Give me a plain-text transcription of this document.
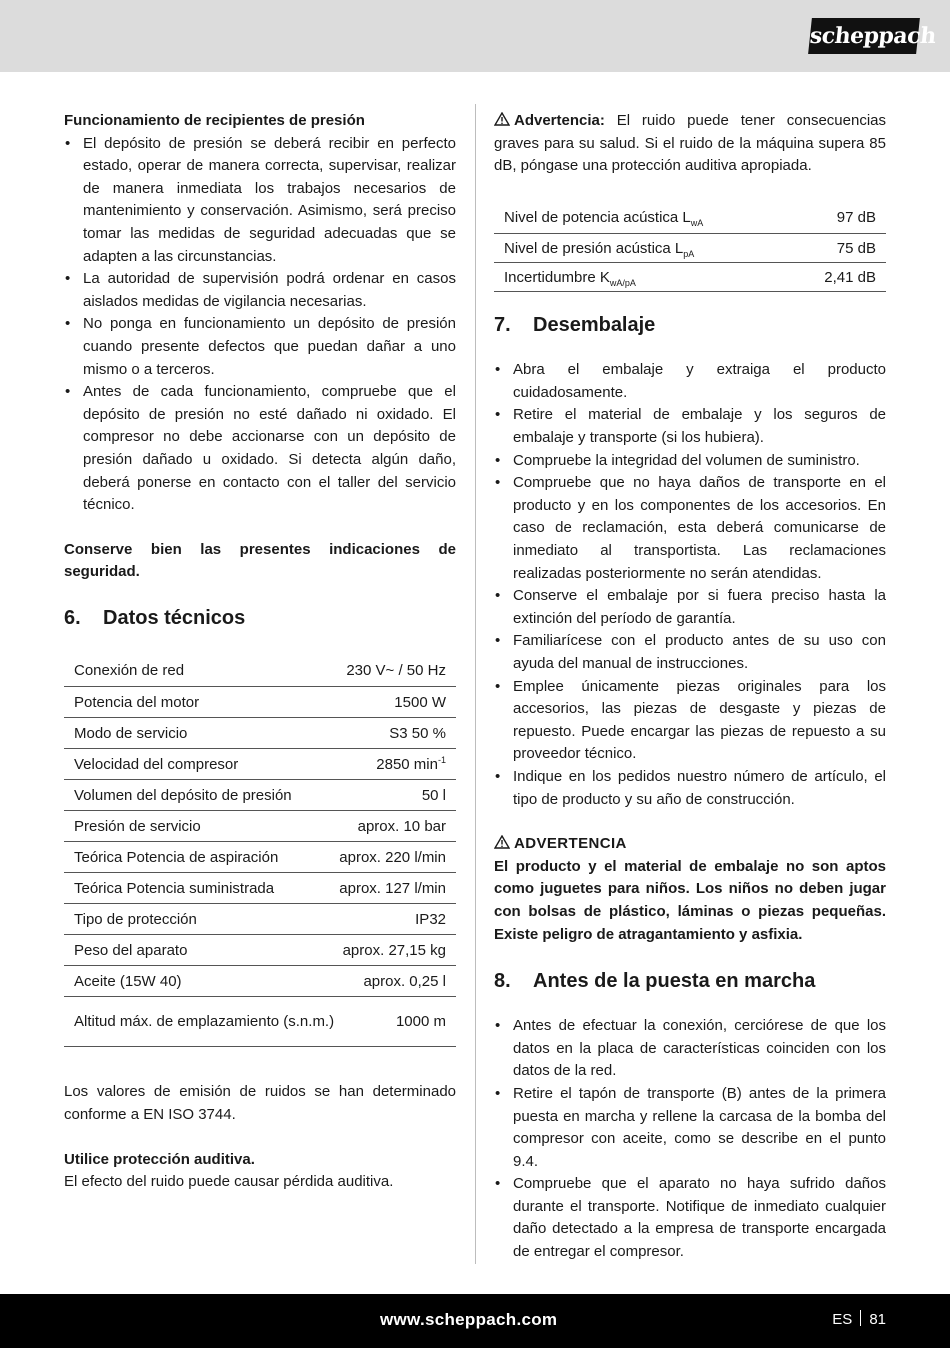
scheppach

Funcionamiento de recipientes de presión

• El depósito de presión se deberá recibir en perfecto estado, operar de manera correcta, supervisar, realizar de manera inmediata los trabajos necesarios de mantenimiento y conservación. Asimismo, será preciso tomar las medidas de seguridad adecuadas que se adapten a las circunstancias.
• La autoridad de supervisión podrá ordenar en casos aislados medidas de vigilancia necesarias.
• No ponga en funcionamiento un depósito de presión cuando presente defectos que puedan dañar a uno mismo o a terceros.
• Antes de cada funcionamiento, compruebe que el depósito de presión no esté dañado ni oxidado. El compresor no debe accionarse con un depósito de presión dañado u oxidado. Si detecta algún daño, deberá ponerse en contacto con el taller del servicio técnico.

Conserve bien las presentes indicaciones de seguridad.

6. Datos técnicos
Conexión de red	230 V~ / 50 Hz
Potencia del motor	1500 W
Modo de servicio	S3 50 %
Velocidad del compresor	2850 $\min^{-1}$
Volumen del depósito de presión	50 l
Presión de servicio	aprox. 10 bar
Teórica Potencia de aspiración	aprox. 220 l/min
Teórica Potencia suministrada	aprox. 127 l/min
Tipo de protección	IP32
Peso del aparato	aprox. 27,15 kg
Aceite (15W 40)	aprox. 0,25 l
Altitud máx. de emplazamiento (s.n.m.)	1000 m

Los valores de emisión de ruidos se han determinado conforme a EN ISO 3744.

Utilice protección auditiva.

El efecto del ruido puede causar pérdida auditiva.

Advertencia: El ruido puede tener consecuencias graves para su salud. Si el ruido de la máquina supera 85 dB, póngase una protección auditiva apropiada.

Nivel de potencia acústica $L_{wA}$	97 dB
Nivel de presión acústica $L_{pA}$	75 dB
Incertidumbre $K_{wA/pA}$	2,41 dB
7. Desembalaje
• Abra el embalaje y extraiga el producto cuidadosamente.
• Retire el material de embalaje y los seguros de embalaje y transporte (si los hubiera).
• Compruebe la integridad del volumen de suministro.
• Compruebe que no haya daños de transporte en el producto y en los componentes de los accesorios. En caso de reclamación, esta deberá comunicarse de inmediato al transportista. Las reclamaciones realizadas posteriormente no serán atendidas.
• Conserve el embalaje por si fuera preciso hasta la extinción del período de garantía.
• Familiarícese con el producto antes de su uso con ayuda del manual de instrucciones.
• Emplee únicamente piezas originales para los accesorios, las piezas de desgaste y piezas de repuesto. Puede encargar las piezas de repuesto a su proveedor técnico.
• Indique en los pedidos nuestro número de artículo, el tipo de producto y su año de construcción.

ADVERTENCIA

El producto y el material de embalaje no son aptos como juguetes para niños. Los niños no deben jugar con bolsas de plástico, láminas o piezas pequeñas. Existe peligro de atragantamiento y asfixia.

8. Antes de la puesta en marcha
• Antes de efectuar la conexión, cerciórese de que los datos en la placa de características coinciden con los datos de la red.
• Retire el tapón de transporte (B) antes de la primera puesta en marcha y rellene la carcasa de la bomba del compresor con aceite, como se describe en el punto 9.4.
• Compruebe que el aparato no haya sufrido daños durante el transporte. Notifique de inmediato cualquier daño detectado a la empresa de transporte encargada de entregar el compresor.
www.scheppach.com	ES 81
